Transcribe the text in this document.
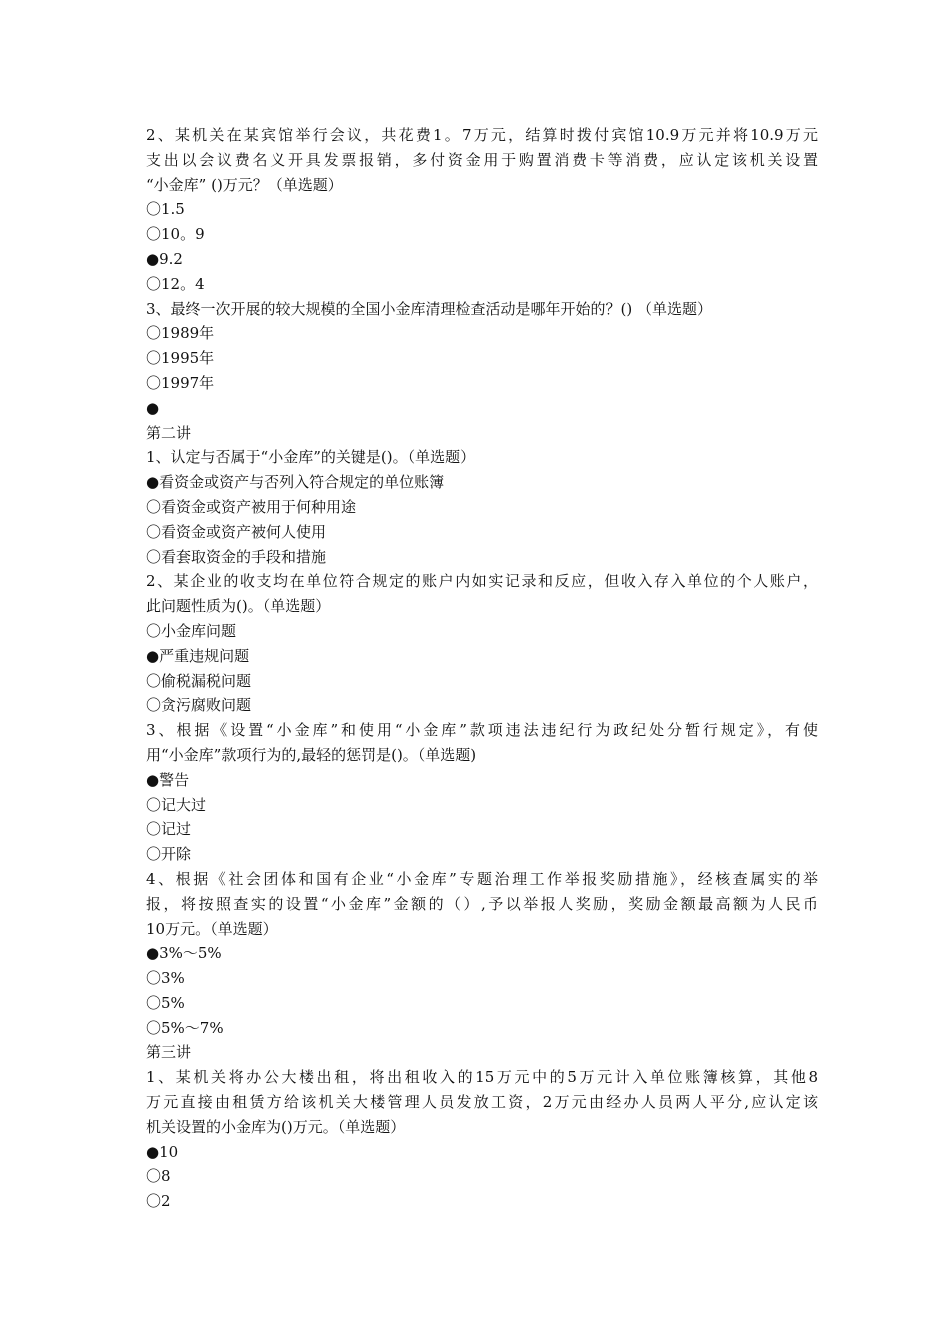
2、某机关在某宾馆举行会议，共花费1。7万元，结算时拨付宾馆10.9万元并将10.9万元
支出以会议费名义开具发票报销，多付资金用于购置消费卡等消费，应认定该机关设置
“小金库” ()万元？（单选题）
〇1.5
〇10。9
●9.2
〇12。4
3、最终一次开展的较大规模的全国小金库清理检查活动是哪年开始的？() （单选题）
〇1989年
〇1995年
〇1997年
●
第二讲
1、认定与否属于“小金库”的关键是()。（单选题）
●看资金或资产与否列入符合规定的单位账簿
〇看资金或资产被用于何种用途
〇看资金或资产被何人使用
〇看套取资金的手段和措施
2、某企业的收支均在单位符合规定的账户内如实记录和反应，但收入存入单位的个人账户，
此问题性质为()。（单选题）
〇小金库问题
●严重违规问题
〇偷税漏税问题
〇贪污腐败问题
3、根据《设置“小金库”和使用“小金库”款项违法违纪行为政纪处分暂行规定》，有使
用“小金库”款项行为的,最轻的惩罚是()。（单选题)
●警告
〇记大过
〇记过
〇开除
4、根据《社会团体和国有企业“小金库”专题治理工作举报奖励措施》，经核查属实的举
报，将按照查实的设置“小金库”金额的（）,予以举报人奖励，奖励金额最高额为人民币
10万元。（单选题）
●3%～5%
〇3%
〇5%
〇5%～7%
第三讲
1、某机关将办公大楼出租，将出租收入的15万元中的5万元计入单位账簿核算，其他8
万元直接由租赁方给该机关大楼管理人员发放工资，2万元由经办人员两人平分,应认定该
机关设置的小金库为()万元。（单选题）
●10
〇8
〇2
